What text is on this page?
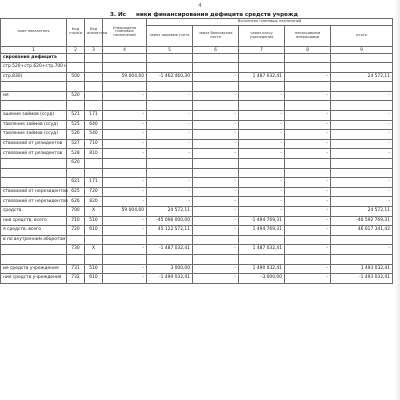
4
3. Ис ники финансирования дефицита средств учрежд
ание показателя	Код строки	Код аналитики	Утверждено плановых назначений	Исполнено плановых назначений				
				через лицевые счета	через банковские счета	через кассу учреждения	некассовыми операциями	итого
1	2	3	4	5	6	7	8	9
сирования дефицита								
стр.520+стр.620+стр.700+								
стр.830)	500		59 004,60	-1 462 460,30	-	1 487 032,41	-	24 572,11

ия	520		-	-	-	-	-	-

ашение займов (ссуд)	521	171	-	-	-	-	-	-
тавление займов (ссуд)	525	640	-	-	-	-	-	-
тавление займов (ссуд)	526	540	-	-	-	-	-	-
ствований от резидентов	527	710	-	-	-	-	-	-
ствований от резидентов	528	810	-	-	-	-	-	-
	620							

	621	171	-	-	-	-	-	-
ствований от нерезидентов	625	720	-	-	-	-	-	-
ствований от нерезидентов	626	820	-	-	-	-	-	-
средств	700	X	59 004,60	24 572,11	-	-	-	24 572,11
ния средств, всего	710	510	-	-45 098 000,00	-	-1 494 769,31	-	-46 592 769,31
я средств, всего	720	610	-	45 122 572,11	-	1 494 769,31	-	46 617 341,42
в по внутренним оборотам								
	730	X	-	-1 487 032,41	-	1 487 032,41	-	-

ие средств учреждения	731	510	-	3 000,00	-	1 490 032,41	-	1 493 032,41
ние средств учреждения	732	610	-	-1 490 032,41	-	-3 000,00	-	-1 493 032,41
